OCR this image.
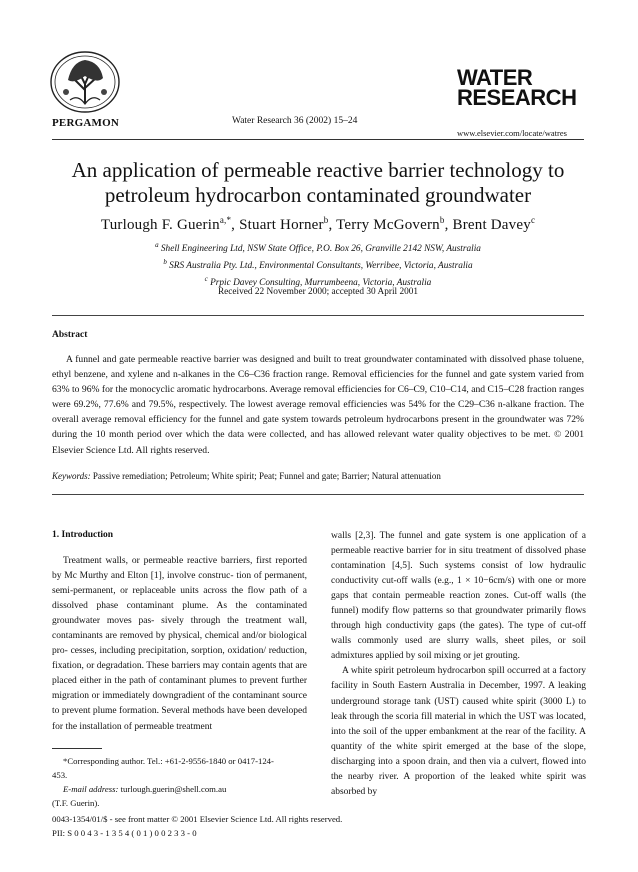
PERGAMON	Water Research 36 (2002) 15–24
WATER
RESEARCH
www.elsevier.com/locate/watres
An application of permeable reactive barrier technology to
petroleum hydrocarbon contaminated groundwater
Turlough F. Guerin$^{a,*}$, Stuart Horner$^b$, Terry McGovern$^b$, Brent Davey$^c$
$^a$ Shell Engineering Ltd, NSW State Office, P.O. Box 26, Granville 2142 NSW, Australia
$^b$ SRS Australia Pty. Ltd., Environmental Consultants, Werribee, Victoria, Australia
$^c$ Prpic Davey Consulting, Murrumbeena, Victoria, Australia
Received 22 November 2000; accepted 30 April 2001
Abstract

A funnel and gate permeable reactive barrier was designed and built to treat groundwater contaminated with dissolved phase toluene, ethyl benzene, and xylene and n-alkanes in the C6–C36 fraction range. Removal efficiencies for the funnel and gate system varied from 63% to 96% for the monocyclic aromatic hydrocarbons. Average removal efficiencies for C6–C9, C10–C14, and C15–C28 fraction ranges were 69.2%, 77.6% and 79.5%, respectively. The lowest average removal efficiencies was 54% for the C29–C36 n-alkane fraction. The overall average removal efficiency for the funnel and gate system towards petroleum hydrocarbons present in the groundwater was 72% during the 10 month period over which the data were collected, and has allowed relevant water quality objectives to be met. © 2001 Elsevier Science Ltd. All rights reserved.

Keywords: Passive remediation; Petroleum; White spirit; Peat; Funnel and gate; Barrier; Natural attenuation
1. Introduction

Treatment walls, or permeable reactive barriers, first reported by Mc Murthy and Elton [1], involve construc- tion of permanent, semi-permanent, or replaceable units across the flow path of a dissolved phase contaminant plume. As the contaminated groundwater moves pas- sively through the treatment wall, contaminants are removed by physical, chemical and/or biological pro- cesses, including precipitation, sorption, oxidation/ reduction, fixation, or degradation. These barriers may contain agents that are placed either in the path of contaminant plumes to prevent further migration or immediately downgradient of the contaminant source to prevent plume formation. Several methods have been developed for the installation of permeable treatment

walls [2,3]. The funnel and gate system is one application of a permeable reactive barrier for in situ treatment of dissolved phase contamination [4,5]. Such systems consist of low hydraulic conductivity cut-off walls (e.g., 1 × 10−6cm/s) with one or more gaps that contain permeable reaction zones. Cut-off walls (the funnel) modify flow patterns so that groundwater primarily flows through high conductivity gaps (the gates). The type of cut-off walls commonly used are slurry walls, sheet piles, or soil admixtures applied by soil mixing or jet grouting.

A white spirit petroleum hydrocarbon spill occurred at a factory facility in South Eastern Australia in December, 1997. A leaking underground storage tank (UST) caused white spirit (3000 L) to leak through the scoria fill material in which the UST was located, into the soil of the upper embankment at the rear of the facility. A quantity of the white spirit emerged at the base of the slope, discharging into a spoon drain, and then via a culvert, flowed into the nearby river. A proportion of the leaked white spirit was absorbed by

*Corresponding author. Tel.: +61-2-9556-1840 or 0417-124-
453.
E-mail address: turlough.guerin@shell.com.au
(T.F. Guerin).
0043-1354/01/$ - see front matter © 2001 Elsevier Science Ltd. All rights reserved.
PII: S 0 0 4 3 - 1 3 5 4 ( 0 1 ) 0 0 2 3 3 - 0
